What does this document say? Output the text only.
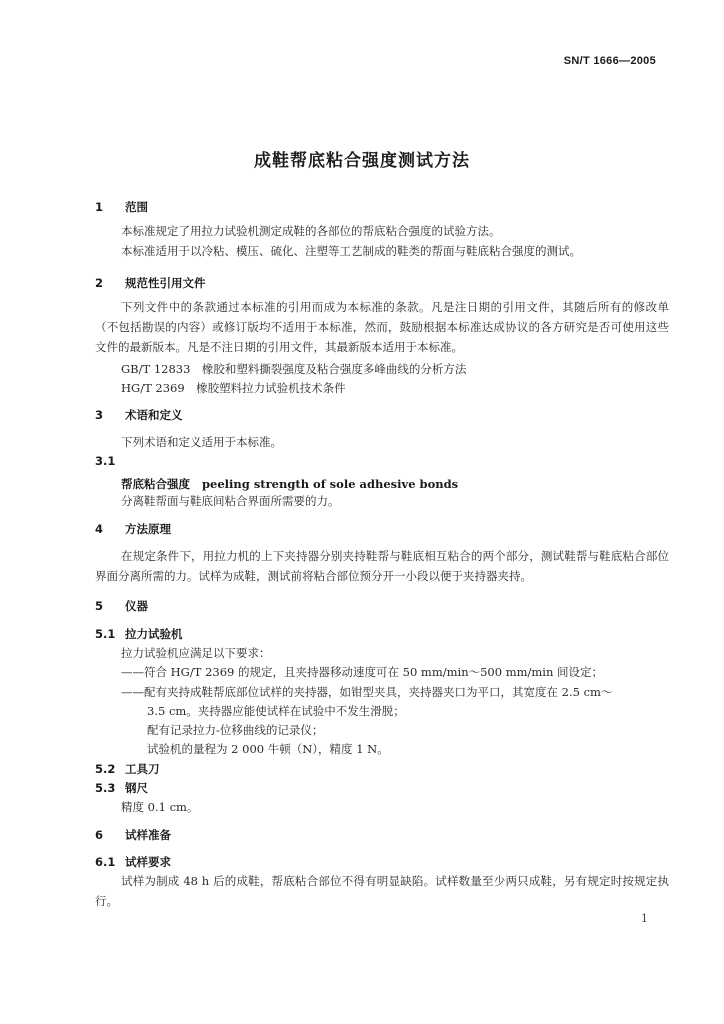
SN/T 1666—2005
成鞋帮底粘合强度测试方法
1 范围
本标准规定了用拉力试验机测定成鞋的各部位的帮底粘合强度的试验方法。
本标准适用于以冷粘、模压、硫化、注塑等工艺制成的鞋类的帮面与鞋底粘合强度的测试。
2 规范性引用文件
下列文件中的条款通过本标准的引用而成为本标准的条款。凡是注日期的引用文件，其随后所有的修改单（不包括勘误的内容）或修订版均不适用于本标准，然而，鼓励根据本标准达成协议的各方研究是否可使用这些文件的最新版本。凡是不注日期的引用文件，其最新版本适用于本标准。
GB/T 12833　橡胶和塑料撕裂强度及粘合强度多峰曲线的分析方法
HG/T 2369　橡胶塑料拉力试验机技术条件
3 术语和定义
下列术语和定义适用于本标准。
3.1
帮底粘合强度 peeling strength of sole adhesive bonds
分离鞋帮面与鞋底间粘合界面所需要的力。
4 方法原理
在规定条件下，用拉力机的上下夹持器分别夹持鞋帮与鞋底相互粘合的两个部分，测试鞋帮与鞋底粘合部位界面分离所需的力。试样为成鞋，测试前将粘合部位预分开一小段以便于夹持器夹持。
5 仪器
5.1 拉力试验机
拉力试验机应满足以下要求：
——符合 HG/T 2369 的规定，且夹持器移动速度可在 50 mm/min～500 mm/min 间设定；
——配有夹持成鞋帮底部位试样的夹持器，如钳型夹具，夹持器夹口为平口，其宽度在 2.5 cm～
3.5 cm。夹持器应能使试样在试验中不发生滑脱；
配有记录拉力-位移曲线的记录仪；
试验机的量程为 2 000 牛顿（N），精度 1 N。
5.2 工具刀
5.3 钢尺
精度 0.1 cm。
6 试样准备
6.1 试样要求
试样为制成 48 h 后的成鞋，帮底粘合部位不得有明显缺陷。试样数量至少两只成鞋，另有规定时按规定执行。
1
